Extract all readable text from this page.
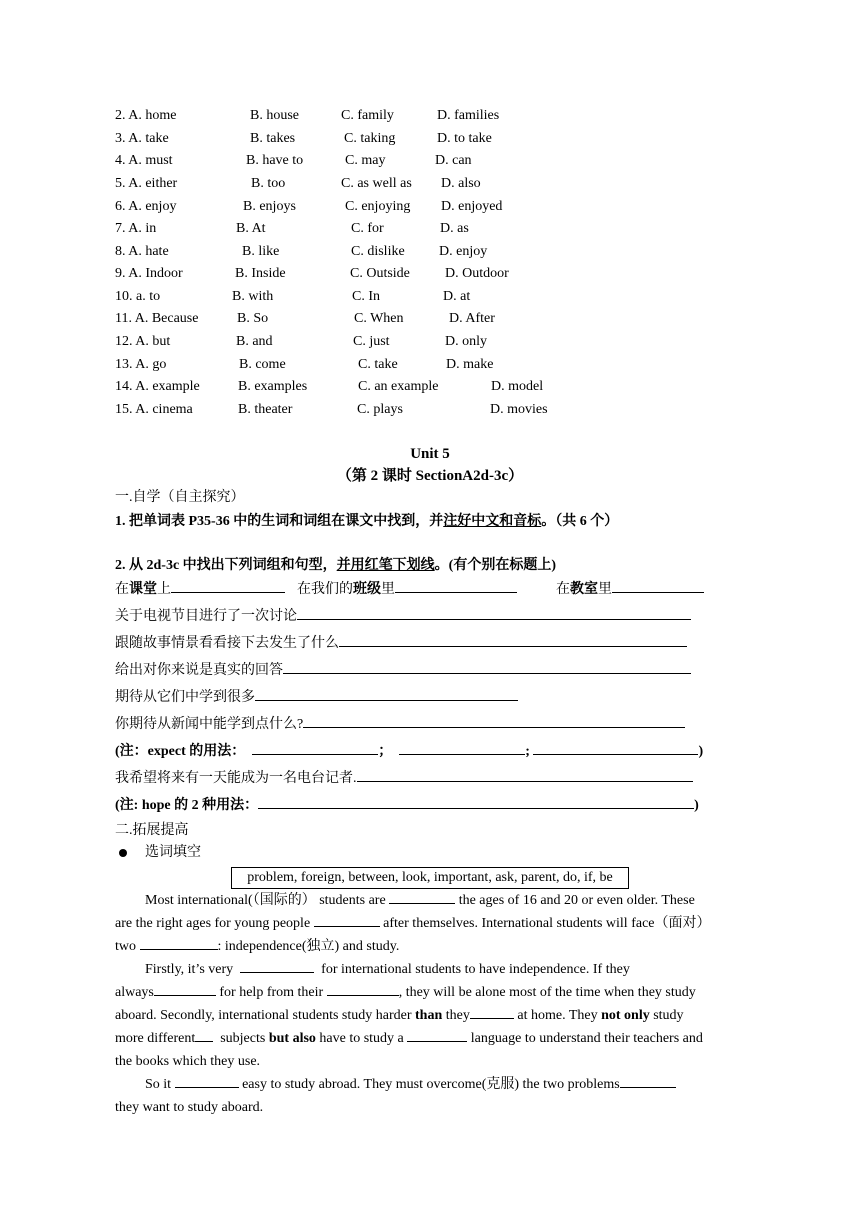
2. A. home	B. house	C. family	D. families
3. A. take	B. takes	C. taking	D. to take
4. A. must	B. have to	C. may	D. can
5. A. either	B. too	C. as well as D. also
6. A. enjoy	B. enjoys	C. enjoying D. enjoyed
7. A. in	B. At	C. for	D. as
8. A. hate	B. like	C. dislike D. enjoy
9. A. Indoor	B. Inside	C. Outside	D. Outdoor
10. a. to	B. with	C. In	D. at
11. A. Because	B. So	C. When	D. After
12. A. but	B. and	C. just	D. only
13. A. go	B. come	C. take	D. make
14. A. example	B. examples	C. an example	D. model
15. A. cinema	B. theater	C. plays	D. movies
Unit 5
（第 2 课时 SectionA2d-3c）
一.自学（自主探究）
1. 把单词表 P35-36 中的生词和词组在课文中找到，并注好中文和音标。（共 6 个）
2. 从 2d-3c 中找出下列词组和句型，并用红笔下划线。(有个别在标题上)
在课堂上	在我们的班级里	在教室里
关于电视节目进行了一次讨论
跟随故事情景看看接下去发生了什么
给出对你来说是真实的回答
期待从它们中学到很多
你期待从新闻中能学到点什么?
(注：expect 的用法：	；	;	)
我希望将来有一天能成为一名电台记者.
(注: hope 的 2 种用法：	)
二.拓展提高
选词填空
problem, foreign, between, look, important, ask, parent, do, if, be
Most international(（国际的） students are	the ages of 16 and 20 or even older. These
are the right ages for young people	after themselves. International students will face（面对）
two	: independence(独立) and study.
Firstly, it’s very	for international students to have independence. If they
always	for help from their	, they will be alone most of the time when they study
aboard. Secondly, international students study harder than they	at home. They not only study
more different subjects but also have to study a	language to understand their teachers and
the books which they use.
So it	easy to study abroad. They must overcome(克服) the two problems
they want to study aboard.
